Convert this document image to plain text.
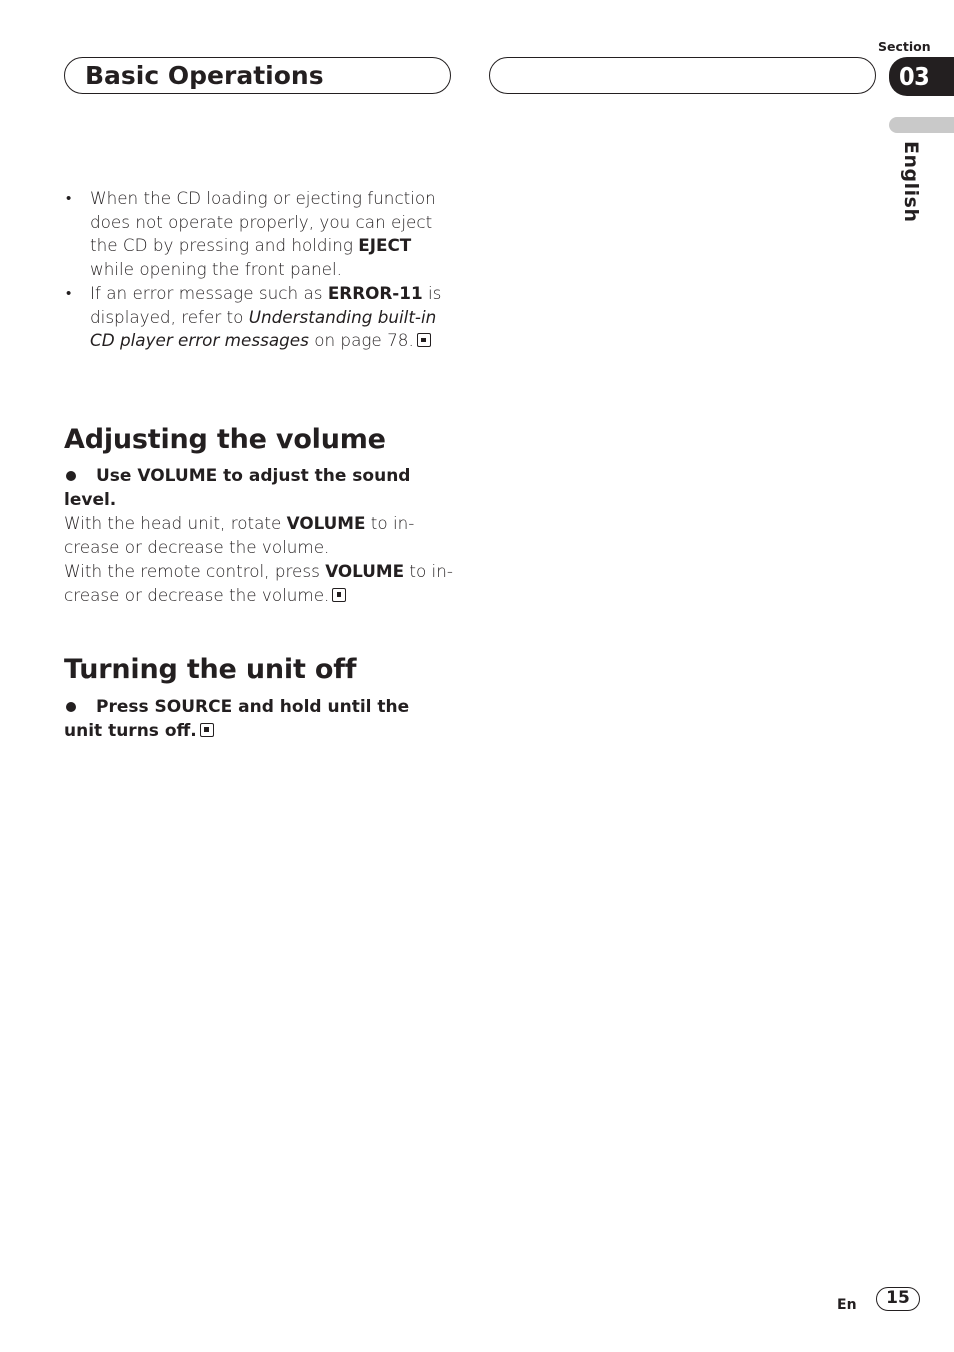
Basic Operations
Section
03
English
• When the CD loading or ejecting function does not operate properly, you can eject the CD by pressing and holding EJECT while opening the front panel.
• If an error message such as ERROR-11 is displayed, refer to Understanding built-in CD player error messages on page 78.
Adjusting the volume
Use VOLUME to adjust the sound level.
With the head unit, rotate VOLUME to increase or decrease the volume.
With the remote control, press VOLUME to increase or decrease the volume.
Turning the unit off
Press SOURCE and hold until the unit turns off.
En	15
